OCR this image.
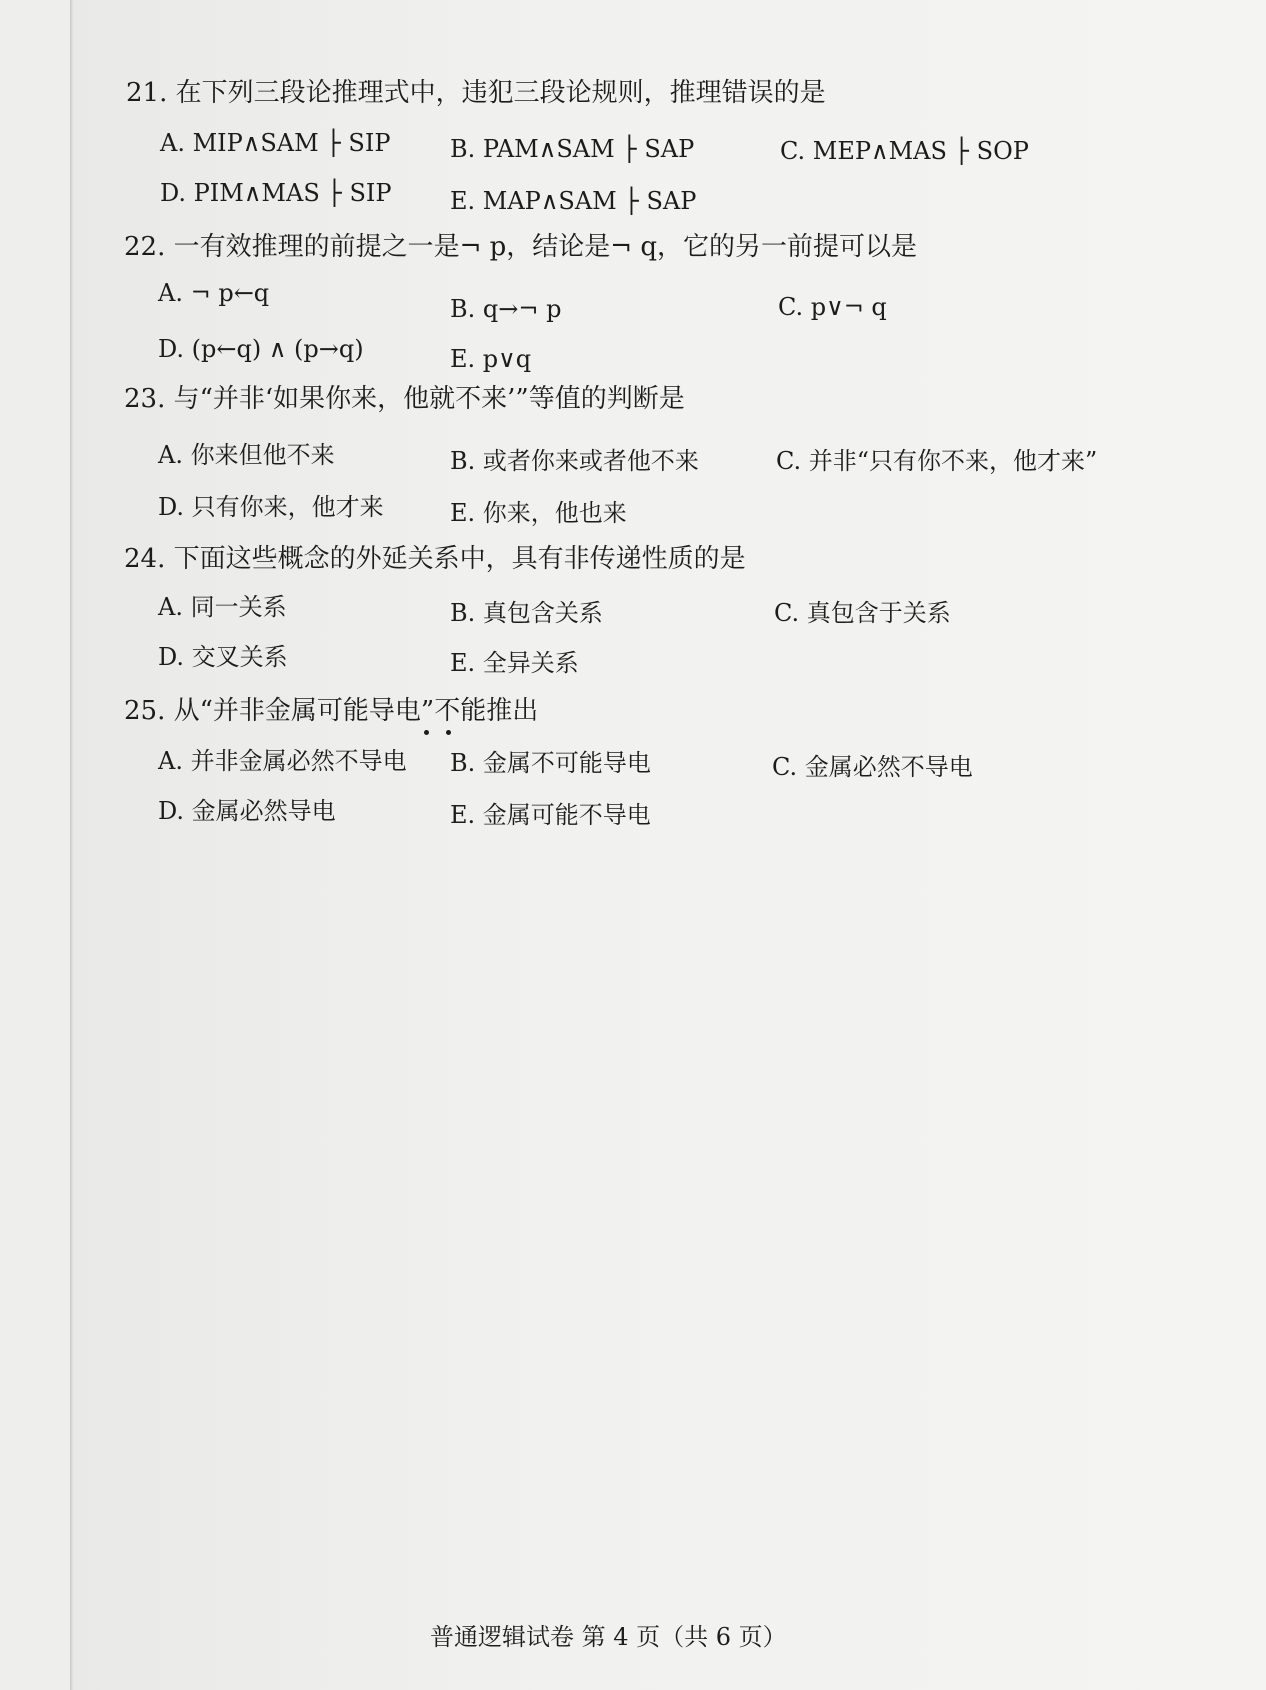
21. 在下列三段论推理式中，违犯三段论规则，推理错误的是
A. MIP∧SAM ├ SIP B. PAM∧SAM ├ SAP	C. MEP∧MAS ├ SOP
D. PIM∧MAS ├ SIP E. MAP∧SAM ├ SAP
22. 一有效推理的前提之一是¬ p，结论是¬ q，它的另一前提可以是
A. ¬ p←q
B. q→¬ p	C. p∨¬ q
D. (p←q) ∧ (p→q)	E. p∨q
23. 与“并非‘如果你来，他就不来’”等值的判断是
A. 你来但他不来	B. 或者你来或者他不来	C. 并非“只有你不来，他才来”
D. 只有你来，他才来	E. 你来，他也来
24. 下面这些概念的外延关系中，具有非传递性质的是
A. 同一关系	B. 真包含关系	C. 真包含于关系
D. 交叉关系	E. 全异关系
25. 从“并非金属可能导电”不能推出
A. 并非金属必然不导电 B. 金属不可能导电	C. 金属必然不导电
D. 金属必然导电	E. 金属可能不导电
普通逻辑试卷 第 4 页（共 6 页）
